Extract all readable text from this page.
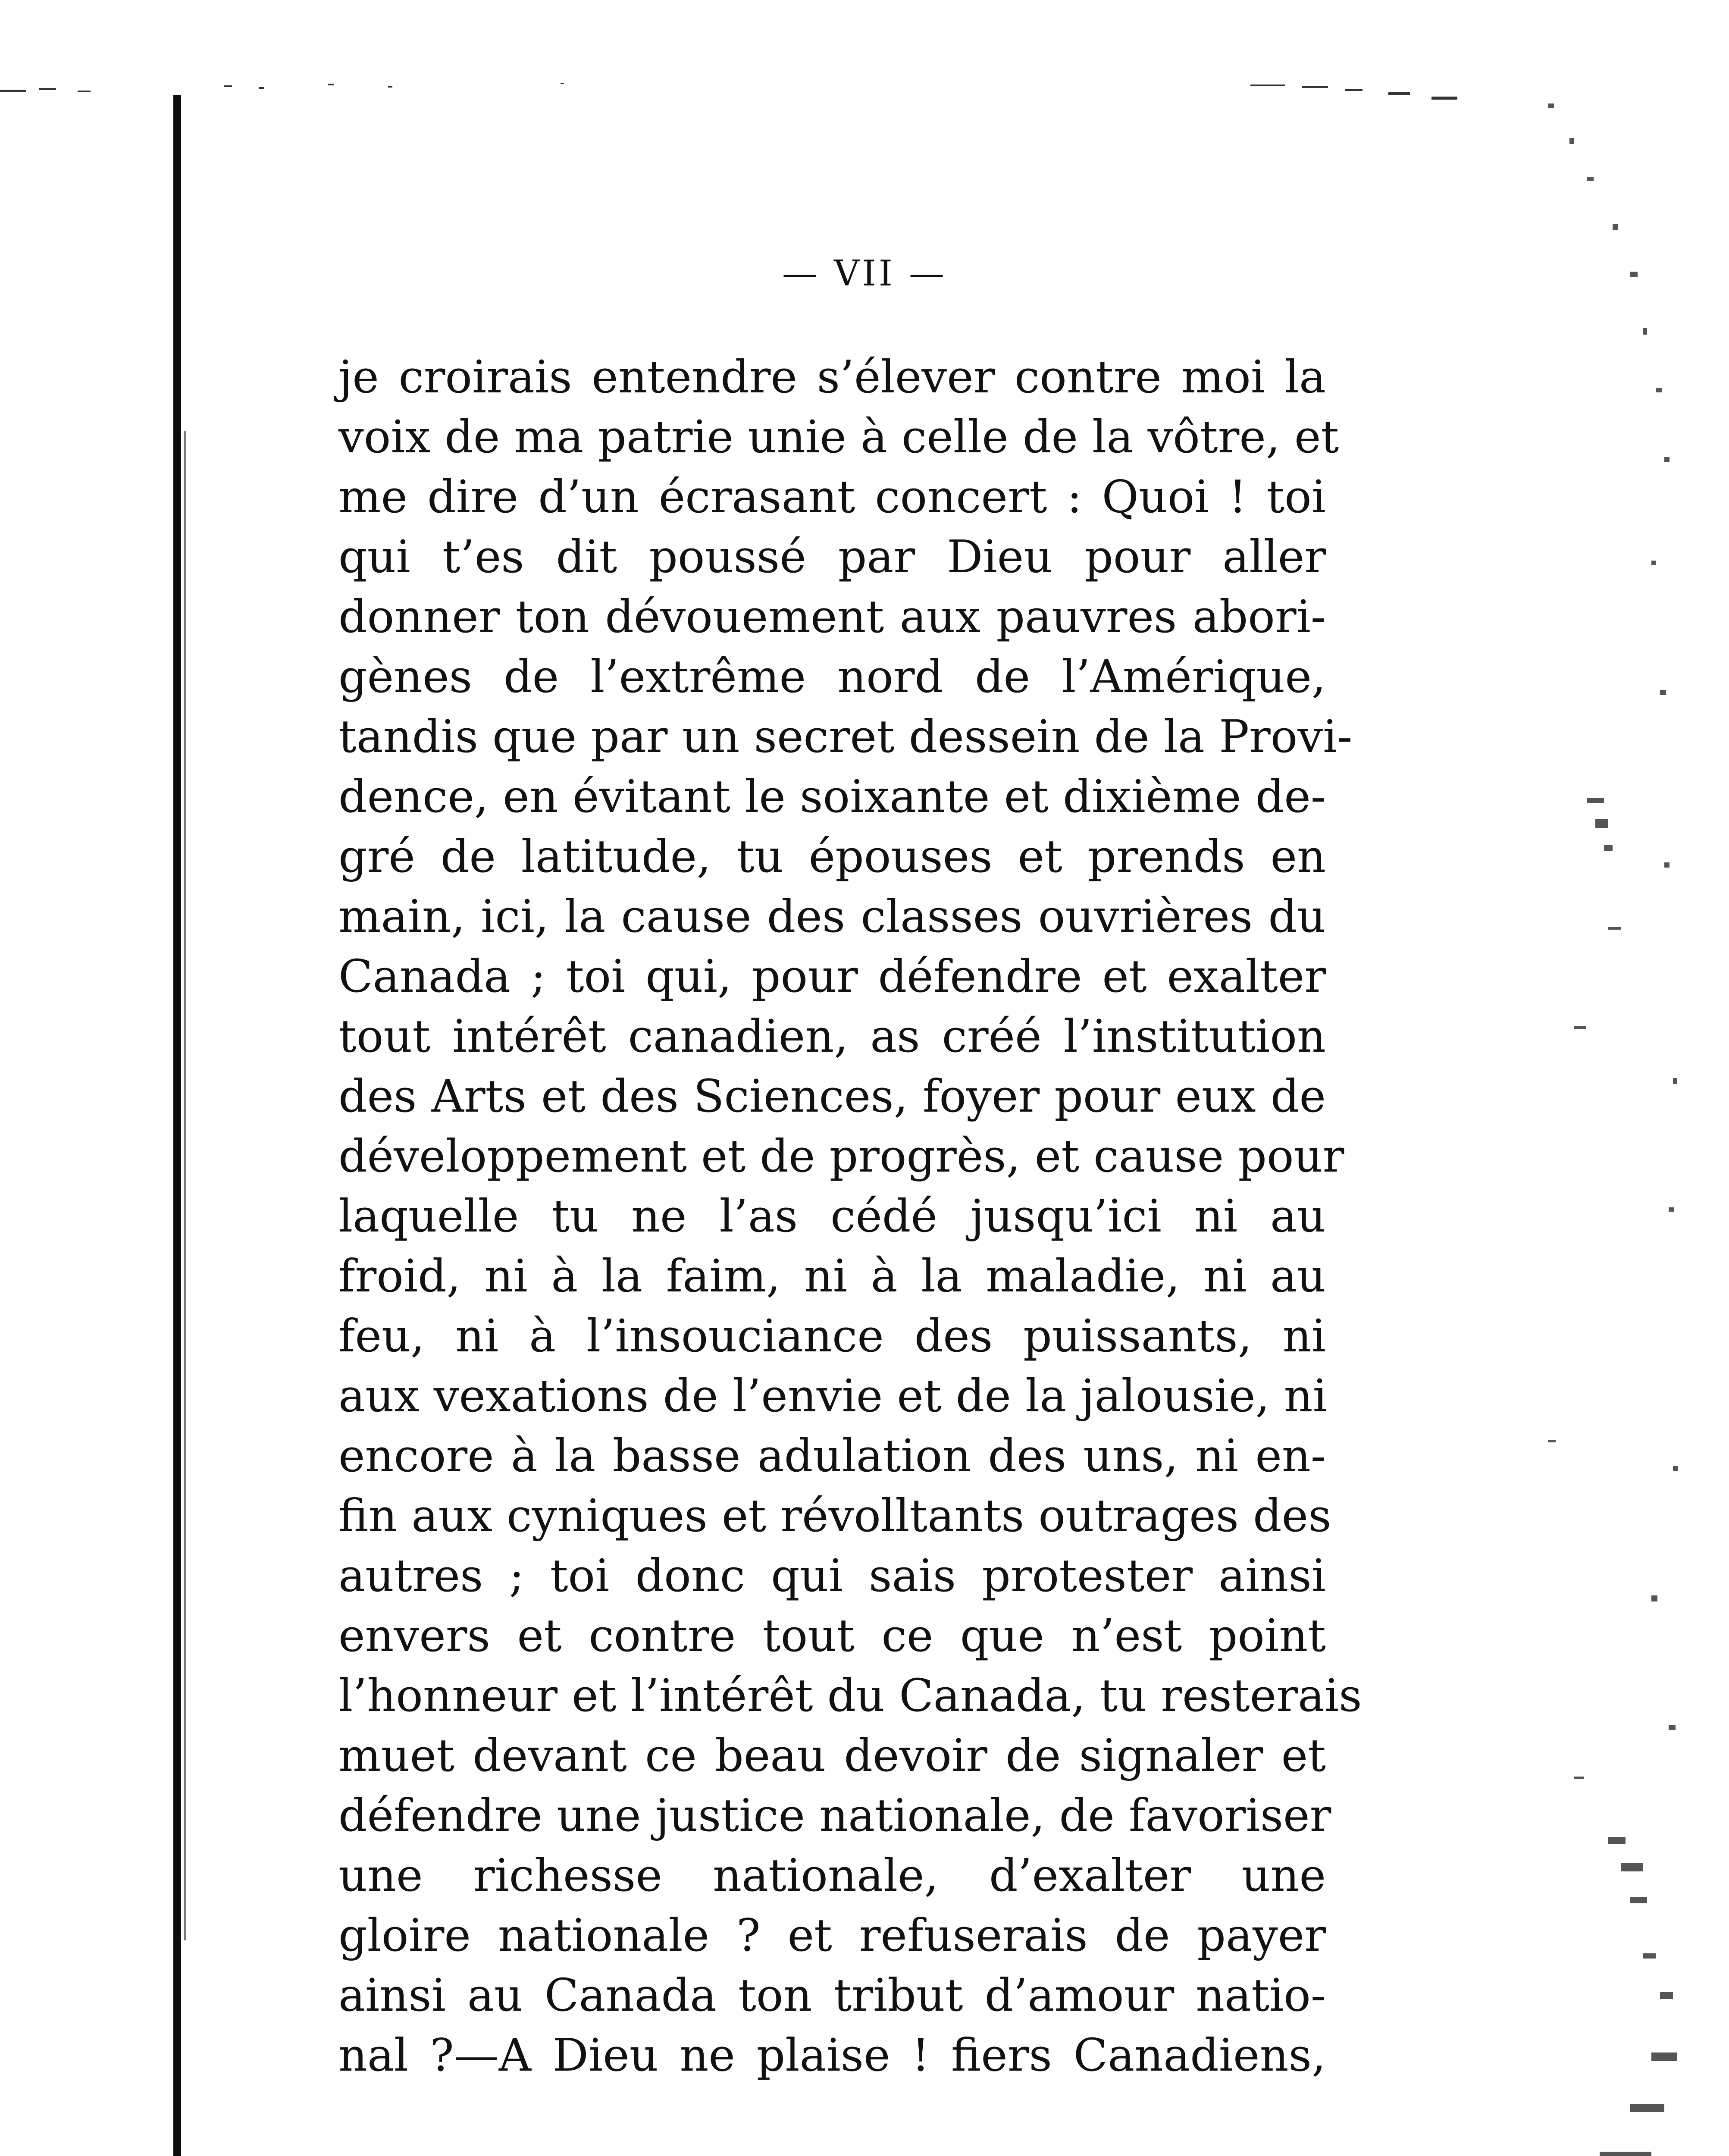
— VII —
je croirais entendre s’élever contre moi la
voix de ma patrie unie à celle de la vôtre, et
me dire d’un écrasant concert : Quoi ! toi
qui t’es dit poussé par Dieu pour aller
donner ton dévouement aux pauvres abori-
gènes de l’extrême nord de l’Amérique,
tandis que par un secret dessein de la Provi-
dence, en évitant le soixante et dixième de-
gré de latitude, tu épouses et prends en
main, ici, la cause des classes ouvrières du
Canada ; toi qui, pour défendre et exalter
tout intérêt canadien, as créé l’institution
des Arts et des Sciences, foyer pour eux de
développement et de progrès, et cause pour
laquelle tu ne l’as cédé jusqu’ici ni au
froid, ni à la faim, ni à la maladie, ni au
feu, ni à l’insouciance des puissants, ni
aux vexations de l’envie et de la jalousie, ni
encore à la basse adulation des uns, ni en-
fin aux cyniques et révolltants outrages des
autres ; toi donc qui sais protester ainsi
envers et contre tout ce que n’est point
l’honneur et l’intérêt du Canada, tu resterais
muet devant ce beau devoir de signaler et
défendre une justice nationale, de favoriser
une richesse nationale, d’exalter une
gloire nationale ? et refuserais de payer
ainsi au Canada ton tribut d’amour natio-
nal ?—A Dieu ne plaise ! fiers Canadiens,
